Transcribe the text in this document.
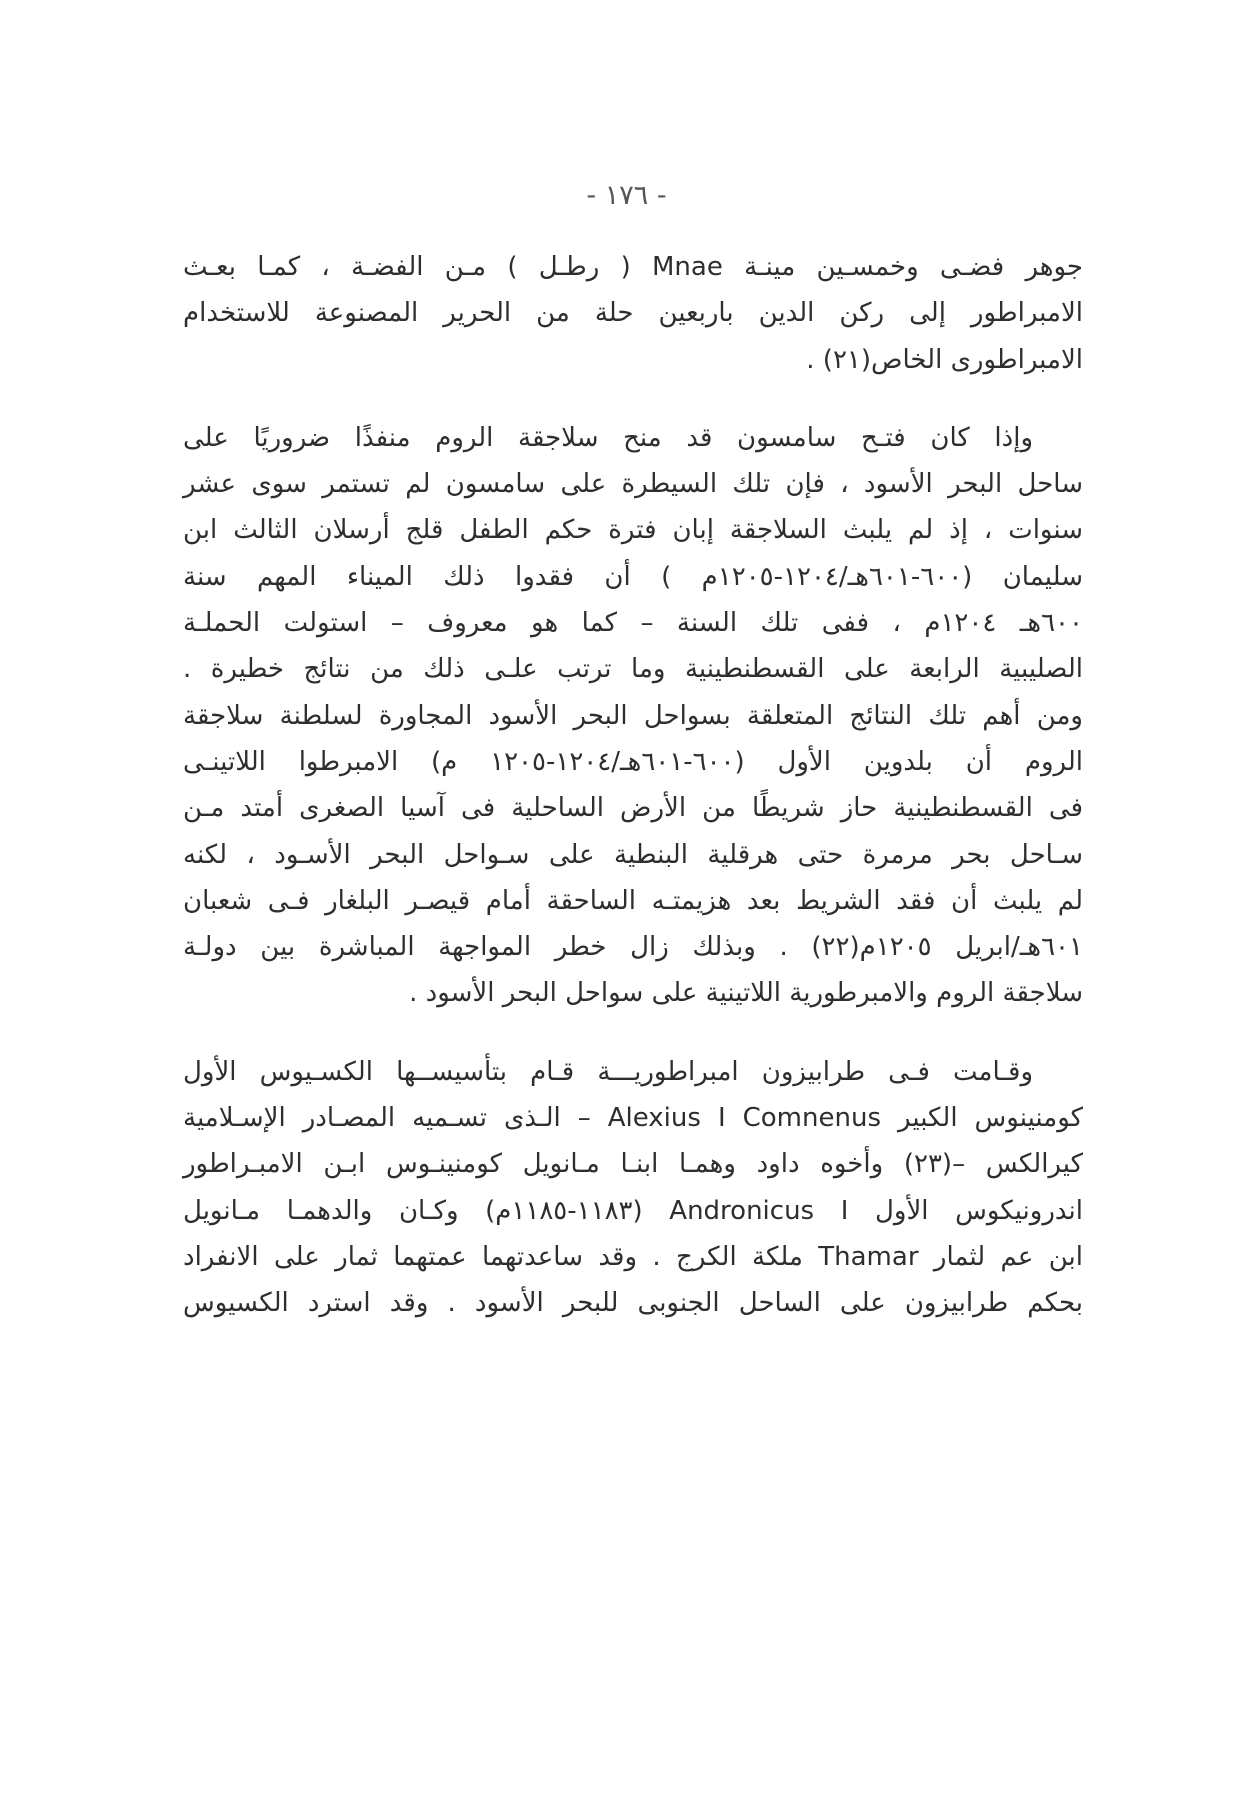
- ١٧٦ -
جوهر فضـى وخمسـين مينـة Mnae ( رطـل ) مـن الفضـة ، كمـا بعـث
الامبراطور إلى ركن الدين باربعين حلة من الحرير المصنوعة للاستخدام
الامبراطورى الخاص(٢١) .
وإذا كان فتـح سامسون قد منح سلاجقة الروم منفذًا ضروريًا على
ساحل البحر الأسود ، فإن تلك السيطرة على سامسون لم تستمر سوى عشر
سنوات ، إذ لم يلبث السلاجقة إبان فترة حكم الطفل قلج أرسلان الثالث ابن
سليمان (٦٠٠-٦٠١هـ/١٢٠٤-١٢٠٥م ) أن فقدوا ذلك الميناء المهم سنة
٦٠٠هـ ١٢٠٤م ، ففى تلك السنة – كما هو معروف – استولت الحملـة
الصليبية الرابعة على القسطنطينية وما ترتب علـى ذلك من نتائج خطيرة .
ومن أهم تلك النتائج المتعلقة بسواحل البحر الأسود المجاورة لسلطنة سلاجقة
الروم أن بلدوين الأول (٦٠٠-٦٠١هـ/١٢٠٤-١٢٠٥ م) الامبرطوا اللاتينـى
فى القسطنطينية حاز شريطًا من الأرض الساحلية فى آسيا الصغرى أمتد مـن
سـاحل بحر مرمرة حتى هرقلية البنطية على سـواحل البحر الأسـود ، لكنه
لم يلبث أن فقد الشريط بعد هزيمتـه الساحقة أمام قيصـر البلغار فـى شعبان
٦٠١هـ/ابريل ١٢٠٥م(٢٢) . وبذلك زال خطر المواجهة المباشرة بين دولـة
سلاجقة الروم والامبرطورية اللاتينية على سواحل البحر الأسود .
وقـامت فـى طرابيزون امبراطوريـــة قـام بتأسيســها الكسـيوس الأول
كومنينوس الكبير Alexius I Comnenus – الـذى تسـميه المصـادر الإسـلامية
كيرالكس –(٢٣) وأخوه داود وهمـا ابنـا مـانويل كومنينـوس ابـن الامبـراطور
اندرونيكوس الأول Andronicus I (١١٨٣-١١٨٥م) وكـان والدهمـا مـانويل
ابن عم لثمار Thamar ملكة الكرج . وقد ساعدتهما عمتهما ثمار على الانفراد
بحكم طرابيزون على الساحل الجنوبى للبحر الأسود . وقد استرد الكسيوس
